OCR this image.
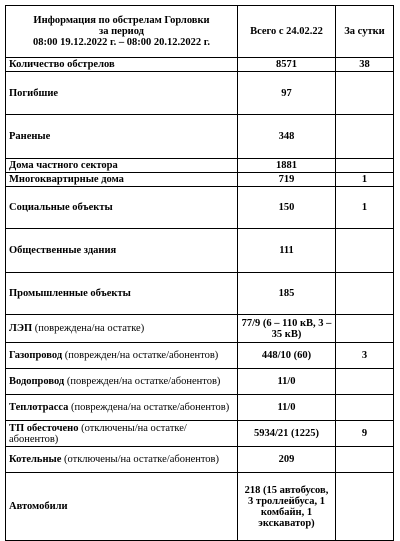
Информация по обстрелам Горловки
за период
08:00 19.12.2022 г. – 08:00 20.12.2022 г.	Всего с 24.02.22	За сутки
Количество обстрелов	8571	38
Погибшие	97	
Раненые	348	
Дома частного сектора	1881	
Многоквартирные дома	719	1
Социальные объекты	150	1
Общественные здания	111	
Промышленные объекты	185	
ЛЭП (повреждена/на остатке)	77/9 (6 – 110 кВ, 3 – 35 кВ)	
Газопровод (поврежден/на остатке/абонентов)	448/10 (60)	3
Водопровод (поврежден/на остатке/абонентов)	11/0	
Теплотрасса (повреждена/на остатке/абонентов)	11/0	
ТП обесточено (отключены/на остатке/абонентов)	5934/21 (1225)	9
Котельные (отключены/на остатке/абонентов)	209	
Автомобили	218 (15 автобусов, 3 троллейбуса, 1 комбайн, 1 экскаватор)	
